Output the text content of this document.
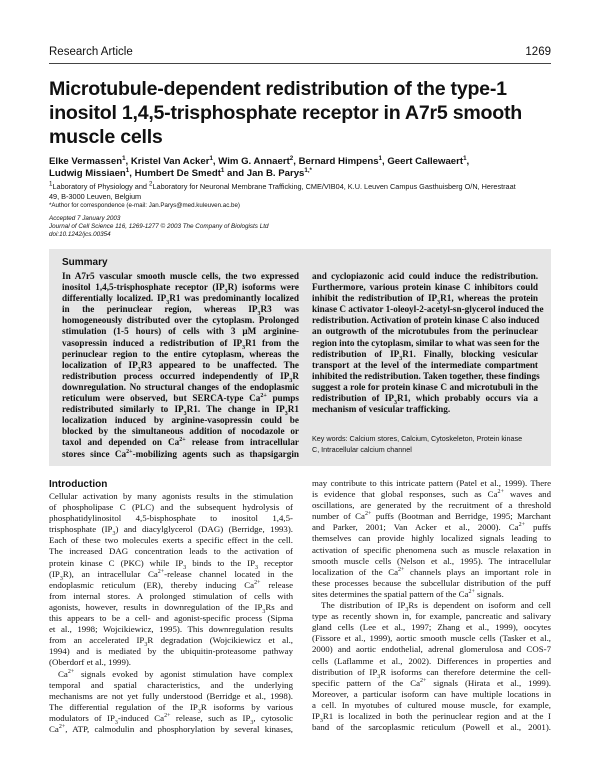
Research Article	1269
Microtubule-dependent redistribution of the type-1
inositol 1,4,5-trisphosphate receptor in A7r5 smooth
muscle cells
Elke Vermassen$^1$, Kristel Van Acker$^1$, Wim G. Annaert$^2$, Bernard Himpens$^1$, Geert Callewaert$^1$,
Ludwig Missiaen$^1$, Humbert De Smedt$^1$ and Jan B. Parys$^{1,*}$
$^1$Laboratory of Physiology and $^2$Laboratory for Neuronal Membrane Trafficking, CME/VIB04, K.U. Leuven Campus Gasthuisberg O/N, Herestraat
49, B-3000 Leuven, Belgium
*Author for correspondence (e-mail: Jan.Parys@med.kuleuven.ac.be)
Accepted 7 January 2003
Journal of Cell Science 116, 1269-1277 © 2003 The Company of Biologists Ltd
doi:10.1242/jcs.00354
Summary
In A7r5 vascular smooth muscle cells, the two expressed
inositol 1,4,5-trisphosphate receptor $(IP_3R)$ isoforms were
differentially localized. $IP_3R1$ was predominantly localized
in the perinuclear region, whereas $IP_3R3$ was
homogeneously distributed over the cytoplasm. Prolonged
stimulation (1-5 hours) of cells with 3 μM arginine-
vasopressin induced a redistribution of $IP_3R1$ from the
perinuclear region to the entire cytoplasm, whereas the
localization of $IP_3R3$ appeared to be unaffected. The
redistribution process occurred independently of $IP_3R$
downregulation. No structural changes of the endoplasmic
reticulum were observed, but SERCA-type $Ca^{2+}$ pumps
redistributed similarly to $IP_3R1$. The change in $IP_3R1$
localization induced by arginine-vasopressin could be
blocked by the simultaneous addition of nocodazole or
taxol and depended on $Ca^{2+}$ release from intracellular
stores since $Ca^{2+}$-mobilizing agents such as thapsigargin
and cyclopiazonic acid could induce the redistribution.
Furthermore, various protein kinase C inhibitors could
inhibit the redistribution of $IP_3R1$, whereas the protein
kinase C activator 1-oleoyl-2-acetyl-sn-glycerol induced the
redistribution. Activation of protein kinase C also induced
an outgrowth of the microtubules from the perinuclear
region into the cytoplasm, similar to what was seen for the
redistribution of $IP_3R1$. Finally, blocking vesicular
transport at the level of the intermediate compartment
inhibited the redistribution. Taken together, these findings
suggest a role for protein kinase C and microtubuli in the
redistribution of $IP_3R1$, which probably occurs via a
mechanism of vesicular trafficking.
Key words: Calcium stores, Calcium, Cytoskeleton, Protein kinase
C, Intracellular calcium channel
Introduction
Cellular activation by many agonists results in the stimulation
of phospholipase C (PLC) and the subsequent hydrolysis of
phosphatidylinositol 4,5-bisphosphate to inositol 1,4,5-
trisphosphate $(IP_3)$ and diacylglycerol (DAG) (Berridge, 1993).
Each of these two molecules exerts a specific effect in the cell.
The increased DAG concentration leads to the activation of
protein kinase C (PKC) while $IP_3$ binds to the $IP_3$ receptor
$(IP_3R)$, an intracellular $Ca^{2+}$-release channel located in the
endoplasmic reticulum (ER), thereby inducing $Ca^{2+}$ release
from internal stores. A prolonged stimulation of cells with
agonists, however, results in downregulation of the $IP_3Rs$ and
this appears to be a cell- and agonist-specific process (Sipma
et al., 1998; Wojcikiewicz, 1995). This downregulation results
from an accelerated $IP_3R$ degradation (Wojcikiewicz et al.,
1994) and is mediated by the ubiquitin-proteasome pathway
(Oberdorf et al., 1999).
$Ca^{2+}$ signals evoked by agonist stimulation have complex
temporal and spatial characteristics, and the underlying
mechanisms are not yet fully understood (Berridge et al., 1998).
The differential regulation of the $IP_3R$ isoforms by various
modulators of $IP_3$-induced $Ca^{2+}$ release, such as $IP_3$, cytosolic
$Ca^{2+}$, ATP, calmodulin and phosphorylation by several kinases,
may contribute to this intricate pattern (Patel et al., 1999). There
is evidence that global responses, such as $Ca^{2+}$ waves and
oscillations, are generated by the recruitment of a threshold
number of $Ca^{2+}$ puffs (Bootman and Berridge, 1995; Marchant
and Parker, 2001; Van Acker et al., 2000). $Ca^{2+}$ puffs
themselves can provide highly localized signals leading to
activation of specific phenomena such as muscle relaxation in
smooth muscle cells (Nelson et al., 1995). The intracellular
localization of the $Ca^{2+}$ channels plays an important role in
these processes because the subcellular distribution of the puff
sites determines the spatial pattern of the $Ca^{2+}$ signals.
The distribution of $IP_3Rs$ is dependent on isoform and cell
type as recently shown in, for example, pancreatic and salivary
gland cells (Lee et al., 1997; Zhang et al., 1999), oocytes
(Fissore et al., 1999), aortic smooth muscle cells (Tasker et al.,
2000) and aortic endothelial, adrenal glomerulosa and COS-7
cells (Laflamme et al., 2002). Differences in properties and
distribution of $IP_3R$ isoforms can therefore determine the cell-
specific pattern of the $Ca^{2+}$ signals (Hirata et al., 1999).
Moreover, a particular isoform can have multiple locations in
a cell. In myotubes of cultured mouse muscle, for example,
$IP_3R1$ is localized in both the perinuclear region and at the I
band of the sarcoplasmic reticulum (Powell et al., 2001).
